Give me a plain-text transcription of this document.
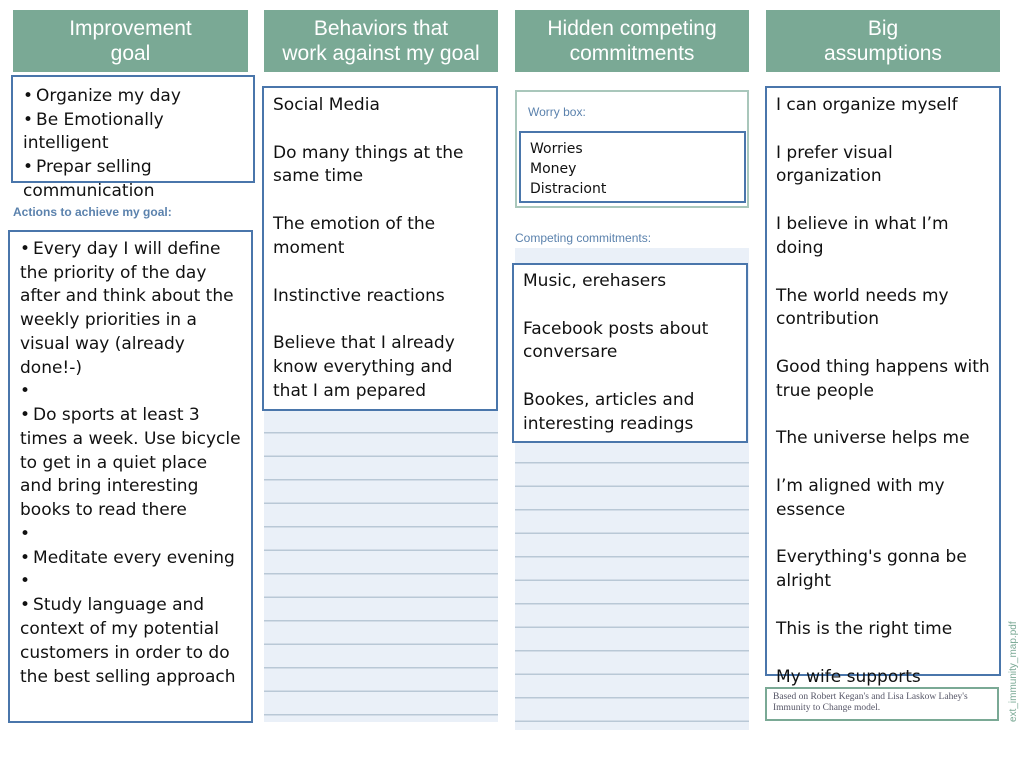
Improvement
goal
Behaviors that
work against my goal
Hidden competing
commitments
Big
assumptions
• Organize my day
• Be Emotionally intelligent
• Prepar selling communication
Actions to achieve my goal:
• Every day I will define the priority of the day after and think about the weekly priorities in a visual way (already done!-)
•
• Do sports at least 3 times a week. Use bicycle to get in a quiet place and bring interesting books to read there
•
• Meditate every evening
•
• Study language and context of my potential customers in order to do the best selling approach

Social Media

Do many things at the same time

The emotion of the moment

Instinctive reactions

Believe that I already know everything and that I am pepared

Worry box:
Worries
Money
Distraciont
Competing commitments:

Music, erehasers

Facebook posts about conversare

Bookes, articles and interesting readings

I can organize myself

I prefer visual organization

I believe in what I’m doing

The world needs my contribution

Good thing happens with true people

The universe helps me

I’m aligned with my essence

Everything's gonna be alright

This is the right time

My wife supports

Based on Robert Kegan's and Lisa Laskow Lahey's Immunity to Change model.	ext_immunity_map.pdf
